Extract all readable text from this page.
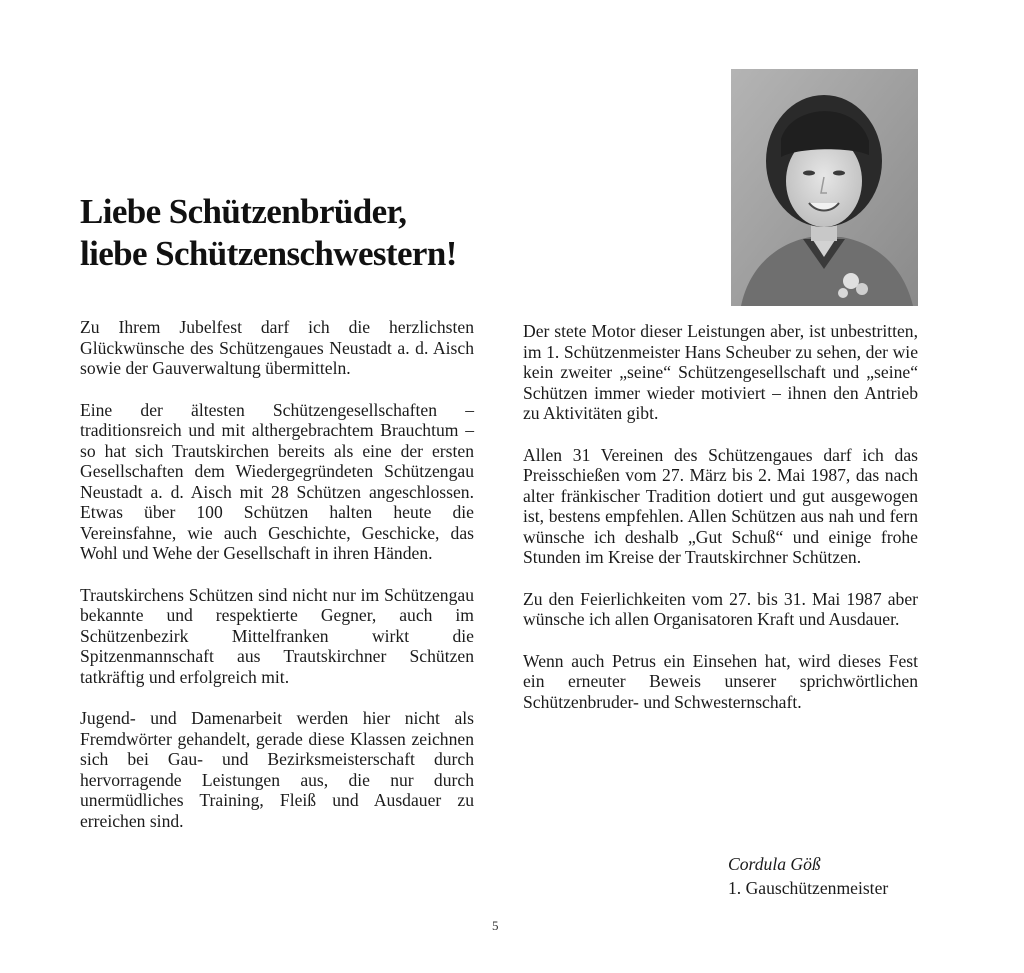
Liebe Schützenbrüder,
liebe Schützenschwestern!

Zu Ihrem Jubelfest darf ich die herzlichsten Glückwünsche des Schützengaues Neustadt a. d. Aisch sowie der Gauverwaltung übermitteln.

Eine der ältesten Schützengesellschaften – traditionsreich und mit althergebrachtem Brauchtum – so hat sich Trautskirchen bereits als eine der ersten Gesellschaften dem Wiedergegründeten Schützengau Neustadt a. d. Aisch mit 28 Schützen angeschlossen. Etwas über 100 Schützen halten heute die Vereinsfahne, wie auch Geschichte, Geschicke, das Wohl und Wehe der Gesellschaft in ihren Händen.

Trautskirchens Schützen sind nicht nur im Schützengau bekannte und respektierte Gegner, auch im Schützenbezirk Mittelfranken wirkt die Spitzenmannschaft aus Trautskirchner Schützen tatkräftig und erfolgreich mit.

Jugend- und Damenarbeit werden hier nicht als Fremdwörter gehandelt, gerade diese Klassen zeichnen sich bei Gau- und Bezirksmeisterschaft durch hervorragende Leistungen aus, die nur durch unermüdliches Training, Fleiß und Ausdauer zu erreichen sind.

Der stete Motor dieser Leistungen aber, ist unbestritten, im 1. Schützenmeister Hans Scheuber zu sehen, der wie kein zweiter „seine“ Schützengesellschaft und „seine“ Schützen immer wieder motiviert – ihnen den Antrieb zu Aktivitäten gibt.

Allen 31 Vereinen des Schützengaues darf ich das Preisschießen vom 27. März bis 2. Mai 1987, das nach alter fränkischer Tradition dotiert und gut ausgewogen ist, bestens empfehlen. Allen Schützen aus nah und fern wünsche ich deshalb „Gut Schuß“ und einige frohe Stunden im Kreise der Trautskirchner Schützen.

Zu den Feierlichkeiten vom 27. bis 31. Mai 1987 aber wünsche ich allen Organisatoren Kraft und Ausdauer.

Wenn auch Petrus ein Einsehen hat, wird dieses Fest ein erneuter Beweis unserer sprichwörtlichen Schützenbruder- und Schwesternschaft.

Cordula Göß
1. Gauschützenmeister
5
